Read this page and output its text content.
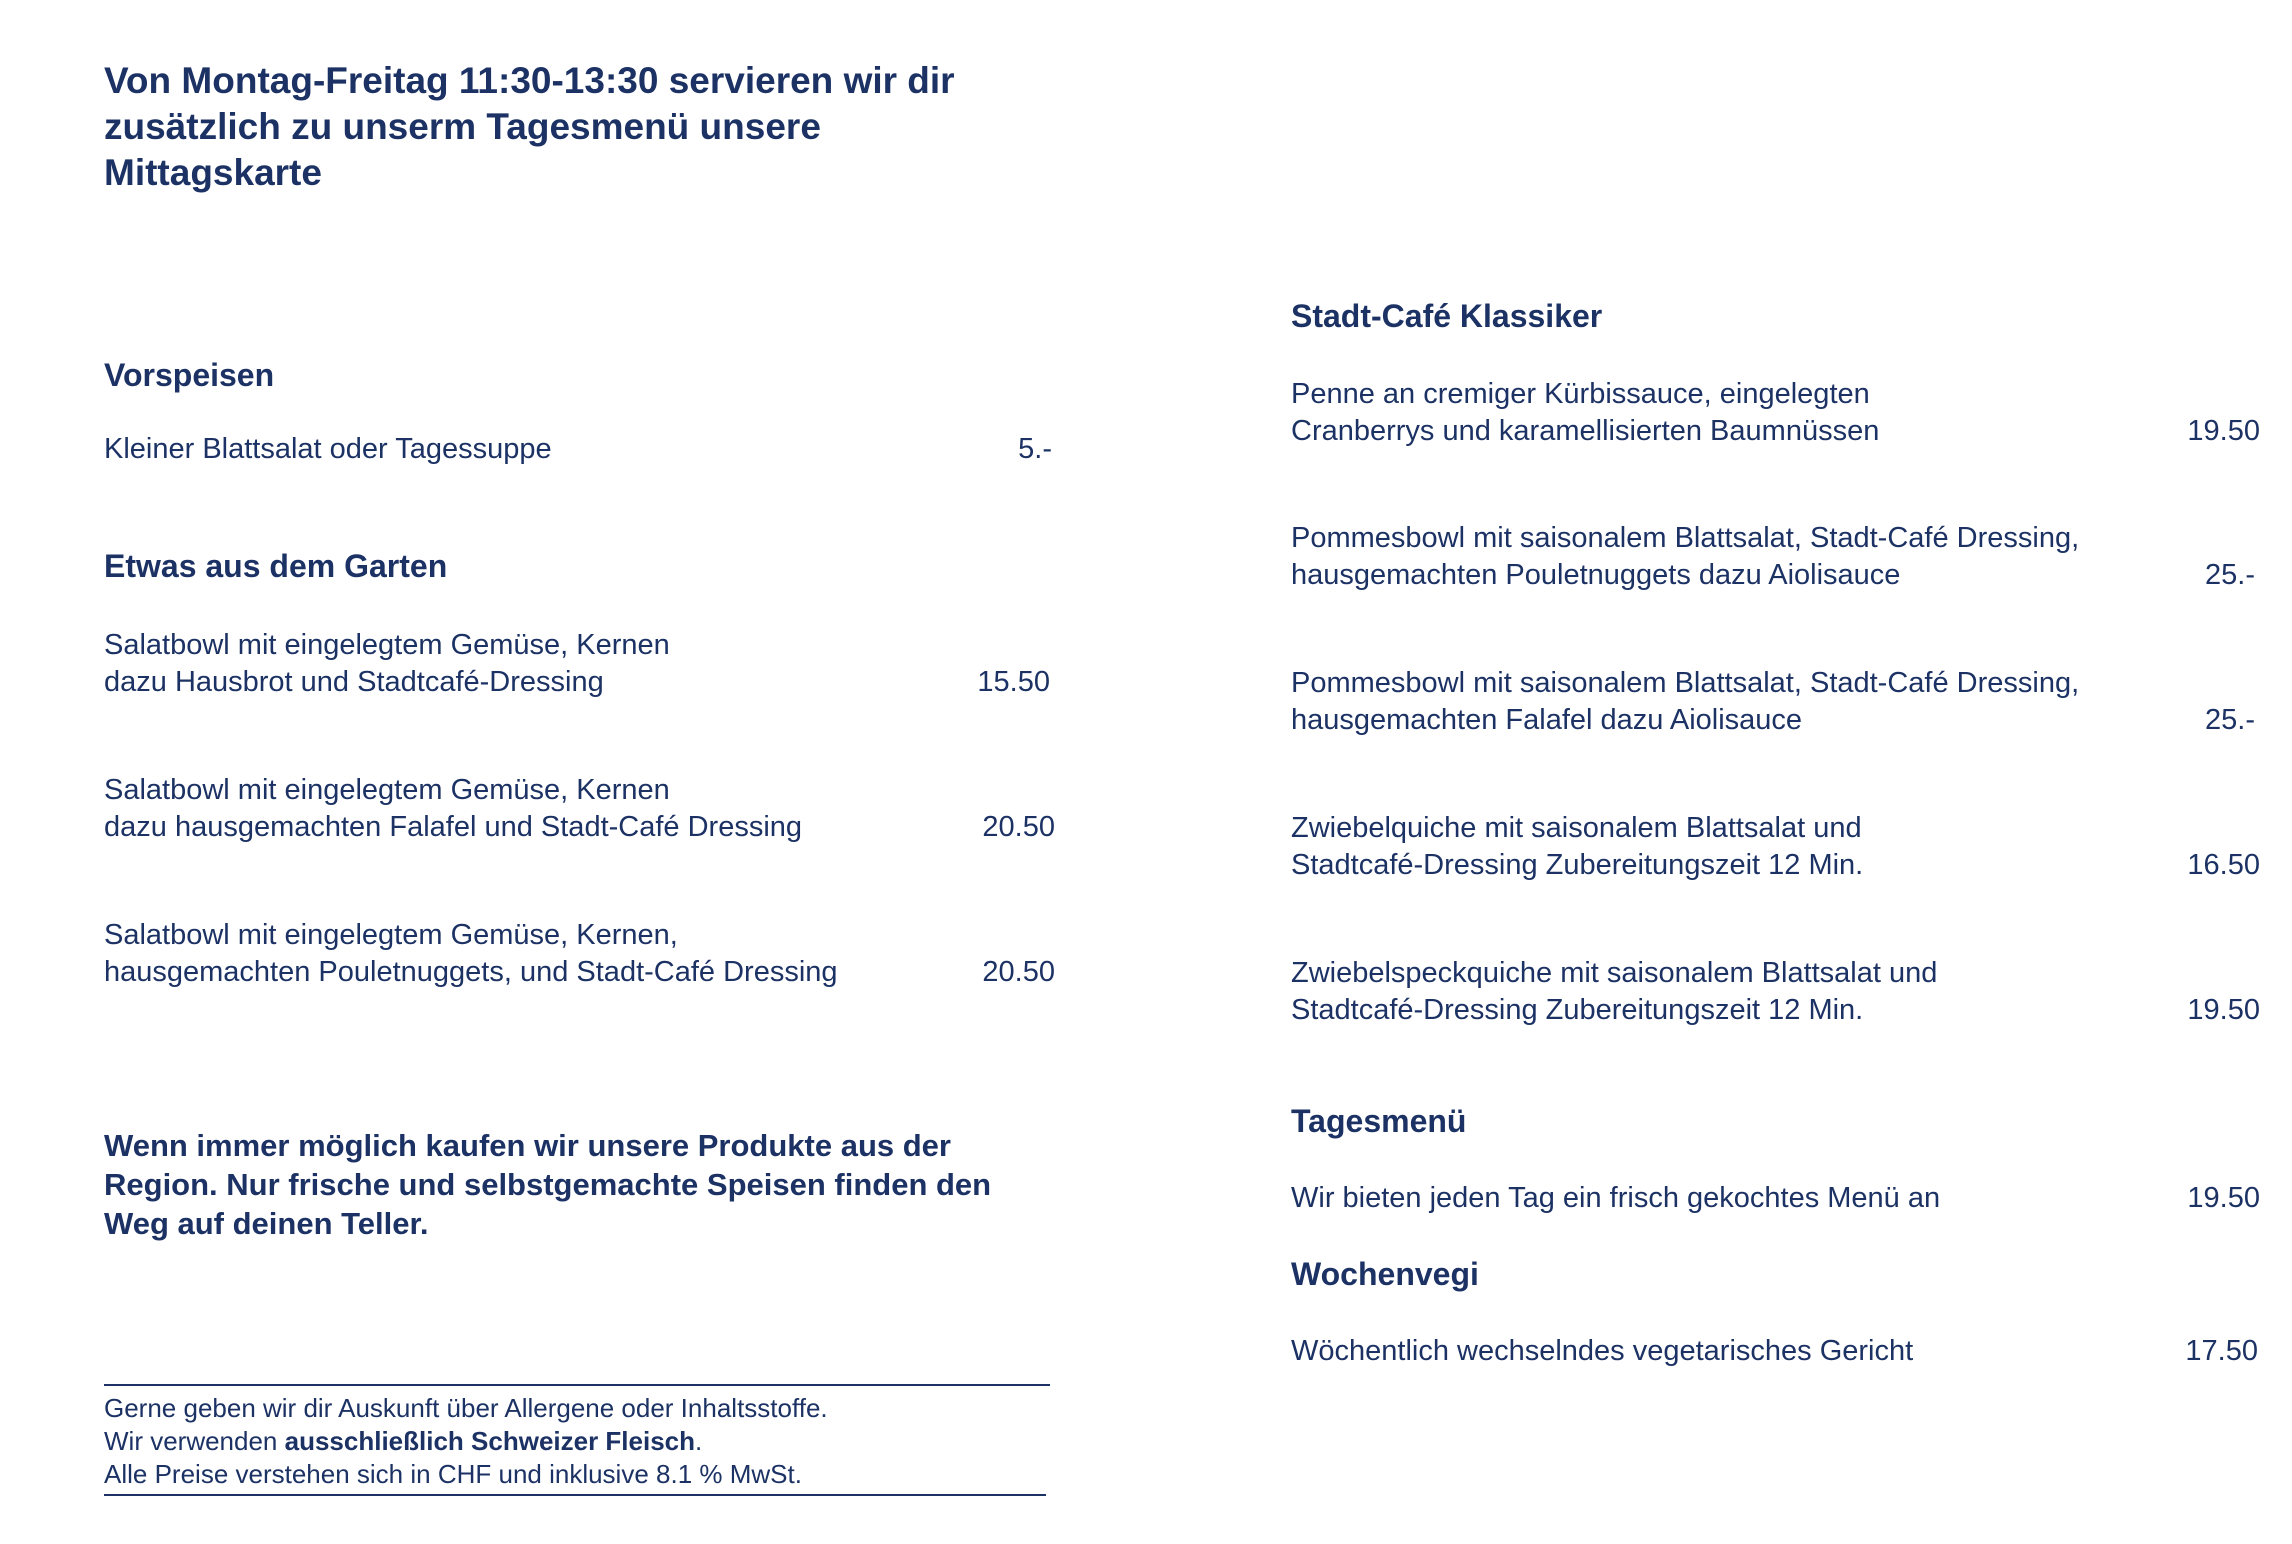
Von Montag-Freitag 11:30-13:30 servieren wir dir
zusätzlich zu unserm Tagesmenü unsere
Mittagskarte
Vorspeisen
Kleiner Blattsalat oder Tagessuppe	5.-
Etwas aus dem Garten
Salatbowl mit eingelegtem Gemüse, Kernen
dazu Hausbrot und Stadtcafé-Dressing	15.50
Salatbowl mit eingelegtem Gemüse, Kernen
dazu hausgemachten Falafel und Stadt-Café Dressing	20.50
Salatbowl mit eingelegtem Gemüse, Kernen,
hausgemachten Pouletnuggets, und Stadt-Café Dressing	20.50
Wenn immer möglich kaufen wir unsere Produkte aus der
Region. Nur frische und selbstgemachte Speisen finden den
Weg auf deinen Teller.
Gerne geben wir dir Auskunft über Allergene oder Inhaltsstoffe.
Wir verwenden ausschließlich Schweizer Fleisch.
Alle Preise verstehen sich in CHF und inklusive 8.1 % MwSt.
Stadt-Café Klassiker
Penne an cremiger Kürbissauce, eingelegten
Cranberrys und karamellisierten Baumnüssen	19.50
Pommesbowl mit saisonalem Blattsalat, Stadt-Café Dressing,
hausgemachten Pouletnuggets dazu Aiolisauce	25.-
Pommesbowl mit saisonalem Blattsalat, Stadt-Café Dressing,
hausgemachten Falafel dazu Aiolisauce	25.-
Zwiebelquiche mit saisonalem Blattsalat und
Stadtcafé-Dressing Zubereitungszeit 12 Min.	16.50
Zwiebelspeckquiche mit saisonalem Blattsalat und
Stadtcafé-Dressing Zubereitungszeit 12 Min.	19.50
Tagesmenü
Wir bieten jeden Tag ein frisch gekochtes Menü an	19.50
Wochenvegi
Wöchentlich wechselndes vegetarisches Gericht	17.50
